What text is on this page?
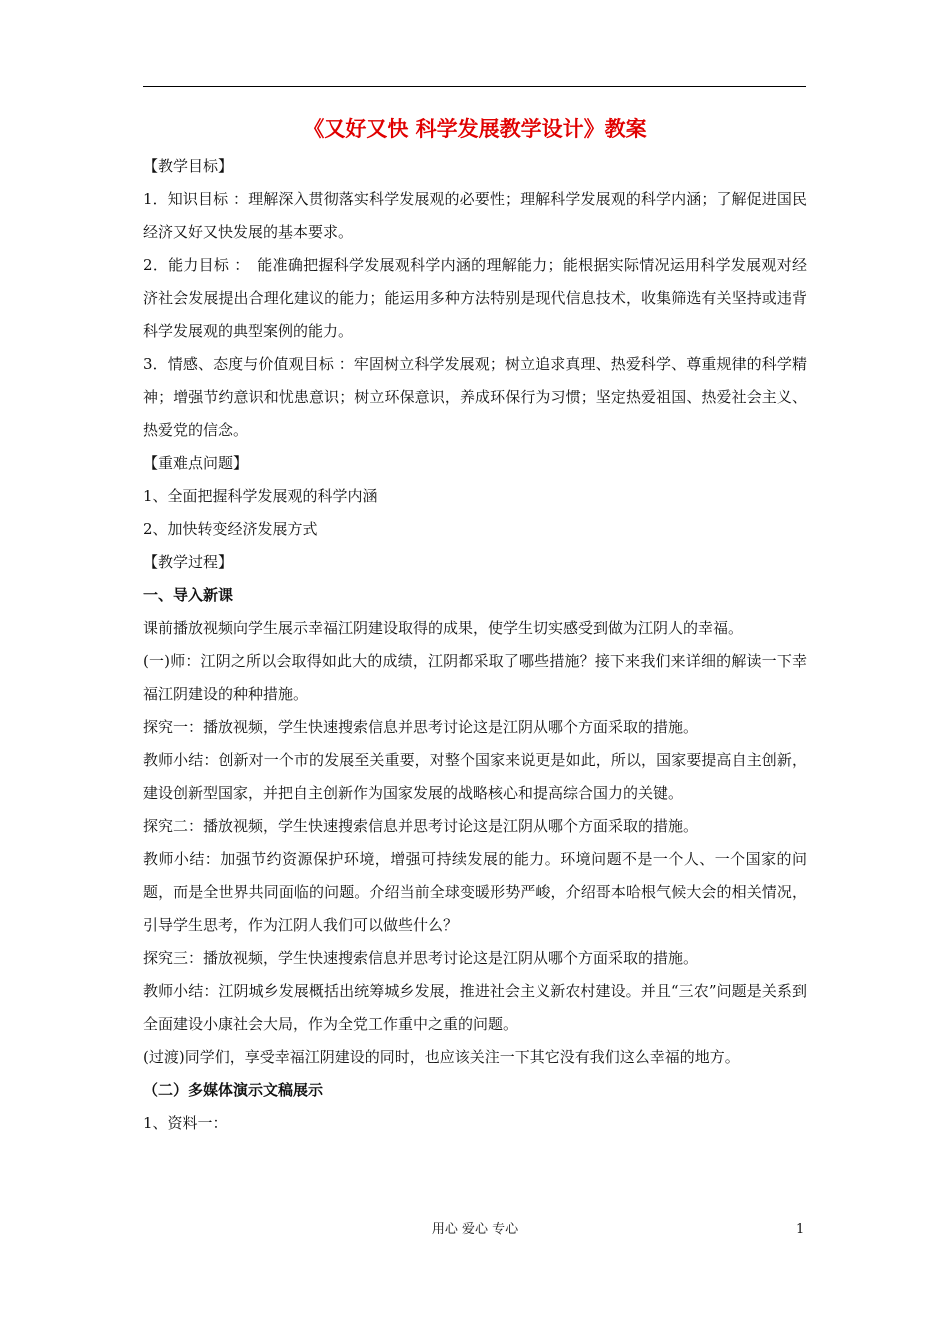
《又好又快 科学发展教学设计》教案

【教学目标】

1．知识目标 ：理解深入贯彻落实科学发展观的必要性；理解科学发展观的科学内涵；了解促进国民经济又好又快发展的基本要求。

2．能力目标 ：　能准确把握科学发展观科学内涵的理解能力；能根据实际情况运用科学发展观对经济社会发展提出合理化建议的能力；能运用多种方法特别是现代信息技术，收集筛选有关坚持或违背科学发展观的典型案例的能力。

3．情感、态度与价值观目标 ：牢固树立科学发展观；树立追求真理、热爱科学、尊重规律的科学精神；增强节约意识和忧患意识；树立环保意识，养成环保行为习惯；坚定热爱祖国、热爱社会主义、热爱党的信念。

【重难点问题】

1、全面把握科学发展观的科学内涵

2、加快转变经济发展方式

【教学过程】

一、导入新课

课前播放视频向学生展示幸福江阴建设取得的成果，使学生切实感受到做为江阴人的幸福。

(一)师：江阴之所以会取得如此大的成绩，江阴都采取了哪些措施？接下来我们来详细的解读一下幸福江阴建设的种种措施。

探究一：播放视频，学生快速搜索信息并思考讨论这是江阴从哪个方面采取的措施。

教师小结：创新对一个市的发展至关重要，对整个国家来说更是如此，所以，国家要提高自主创新，建设创新型国家，并把自主创新作为国家发展的战略核心和提高综合国力的关键。

探究二：播放视频，学生快速搜索信息并思考讨论这是江阴从哪个方面采取的措施。

教师小结：加强节约资源保护环境，增强可持续发展的能力。环境问题不是一个人、一个国家的问题，而是全世界共同面临的问题。介绍当前全球变暖形势严峻，介绍哥本哈根气候大会的相关情况，引导学生思考，作为江阴人我们可以做些什么？

探究三：播放视频，学生快速搜索信息并思考讨论这是江阴从哪个方面采取的措施。

教师小结：江阴城乡发展概括出统筹城乡发展，推进社会主义新农村建设。并且“三农”问题是关系到全面建设小康社会大局，作为全党工作重中之重的问题。

(过渡)同学们，享受幸福江阴建设的同时，也应该关注一下其它没有我们这么幸福的地方。

（二）多媒体演示文稿展示

1、资料一：

用心 爱心 专心	1
